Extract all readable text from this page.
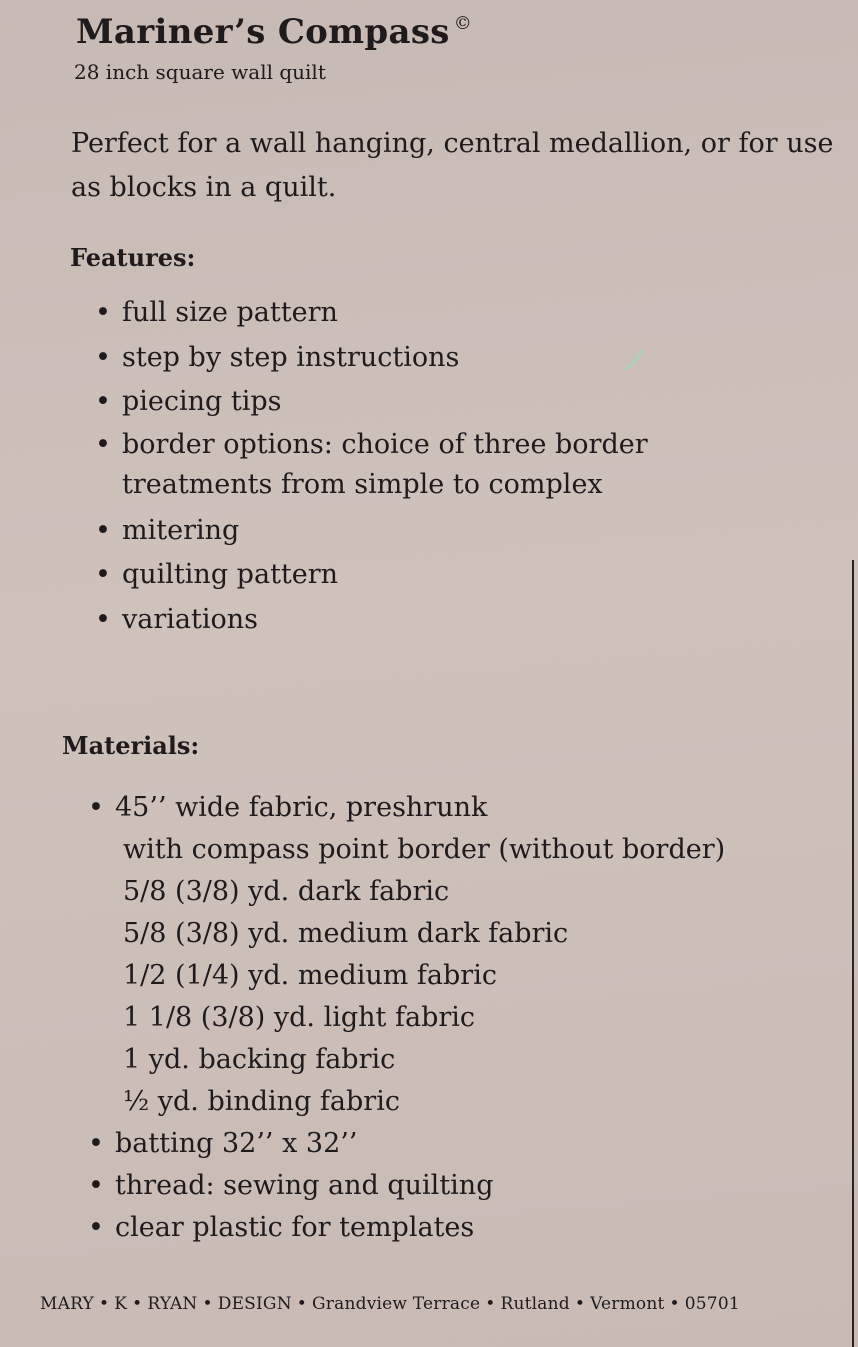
Mariner’s Compass ©
28 inch square wall quilt
Perfect for a wall hanging, central medallion, or for use as blocks in a quilt.
Features:
• full size pattern
• step by step instructions
• piecing tips
• border options: choice of three border
treatments from simple to complex
• mitering
• quilting pattern
• variations
Materials:
• 45’’ wide fabric, preshrunk
with compass point border (without border)
5/8 (3/8) yd. dark fabric
5/8 (3/8) yd. medium dark fabric
1/2 (1/4) yd. medium fabric
1 1/8 (3/8) yd. light fabric
1 yd. backing fabric
½ yd. binding fabric
• batting 32’’ x 32’’
• thread: sewing and quilting
• clear plastic for templates
MARY • K • RYAN • DESIGN • Grandview Terrace • Rutland • Vermont • 05701
